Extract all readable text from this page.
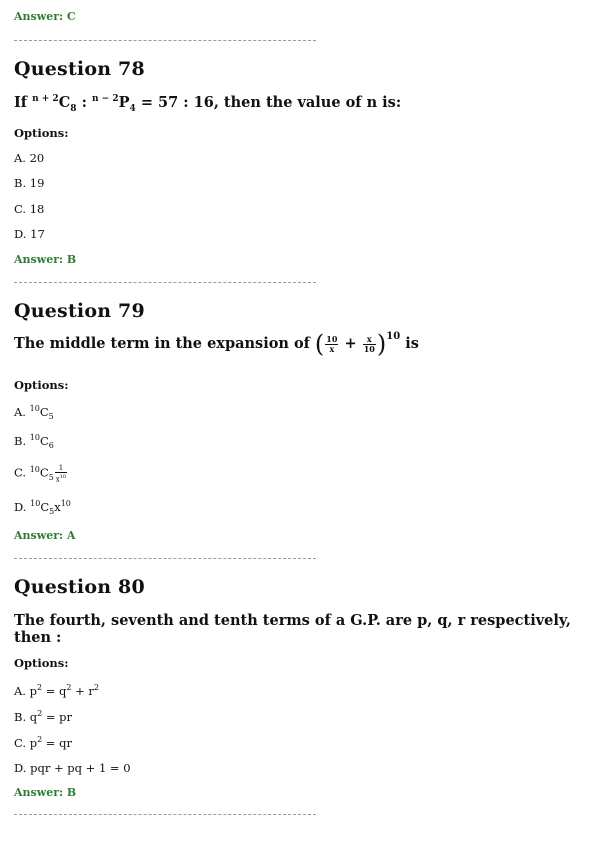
Answer: C
Question 78
If $^{n + 2}C_8$ : $^{n - 2}P_4 = 57$ : 16, then the value of n is:
Options:
A. 20
B. 19
C. 18
D. 17
Answer: B
Question 79
The middle term in the expansion of ( $\frac{10}{x} + \frac{x}{10} )^{10}$ is
Options:
A. $^{10}C_5$
B. $^{10}C_6$
C. $^{10}C_5 \frac{1}{x^{10}}$
D. $^{10}C_5x^{10}$
Answer: A
Question 80
The fourth, seventh and tenth terms of a G.P. are p, q, r respectively, then :
Options:
A. $p^2 = q^2 + r^2$
B. $q^2$ = pr
C. $p^2$ = qr
D. pqr + pq + 1 = 0
Answer: B
